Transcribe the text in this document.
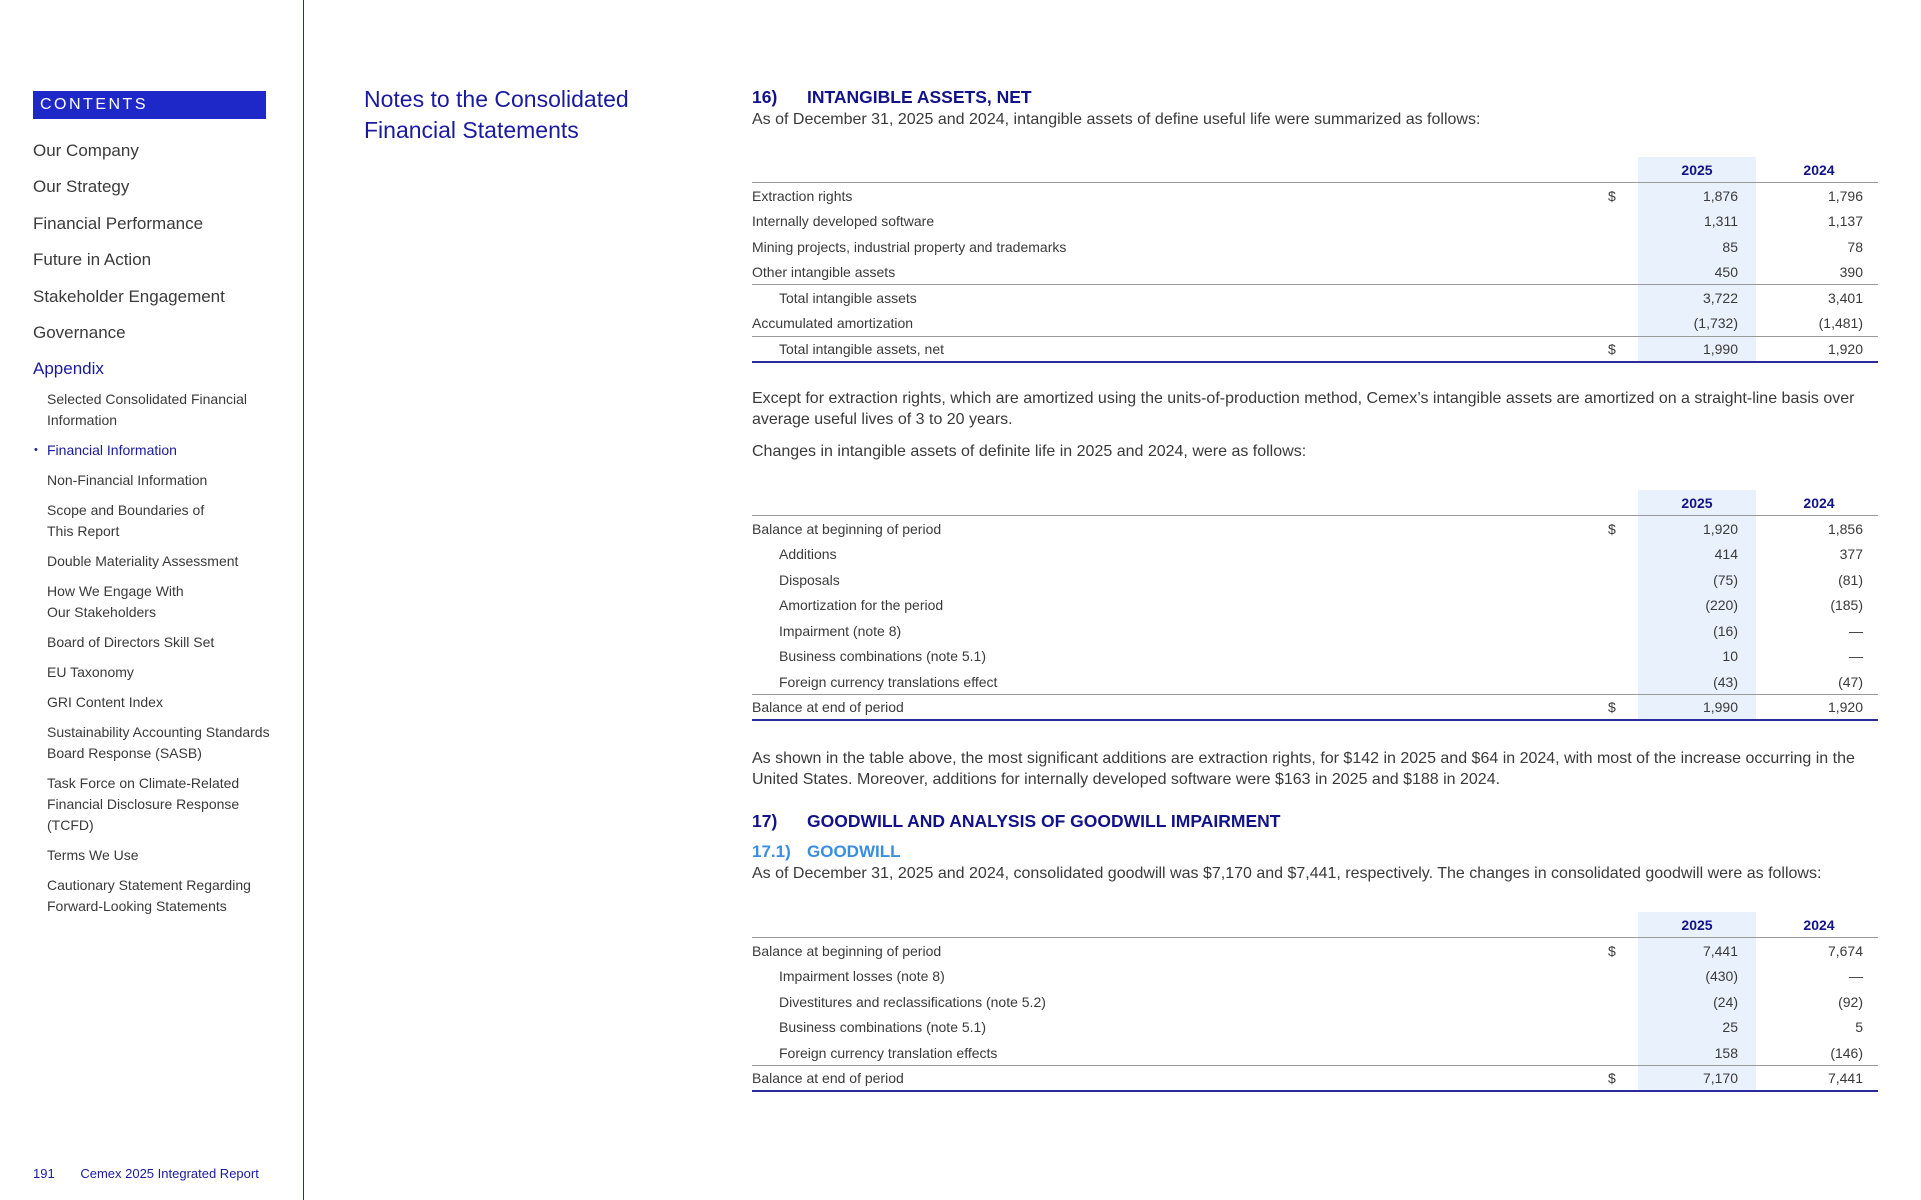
CONTENTS
Our Company
Our Strategy
Financial Performance
Future in Action
Stakeholder Engagement
Governance
Appendix
Selected Consolidated Financial Information
• Financial Information
Non-Financial Information
Scope and Boundaries of This Report
Double Materiality Assessment
How We Engage With Our Stakeholders
Board of Directors Skill Set
EU Taxonomy
GRI Content Index
Sustainability Accounting Standards Board Response (SASB)
Task Force on Climate-Related Financial Disclosure Response (TCFD)
Terms We Use
Cautionary Statement Regarding Forward-Looking Statements
191 Cemex 2025 Integrated Report
Notes to the Consolidated Financial Statements
16) INTANGIBLE ASSETS, NET
As of December 31, 2025 and 2024, intangible assets of define useful life were summarized as follows:
		2025		2024
Extraction rights	$	1,876		1,796
Internally developed software		1,311		1,137
Mining projects, industrial property and trademarks		85		78
Other intangible assets		450		390
Total intangible assets		3,722		3,401
Accumulated amortization		(1,732)		(1,481)
Total intangible assets, net	$	1,990		1,920
Except for extraction rights, which are amortized using the units-of-production method, Cemex’s intangible assets are amortized on a straight-line basis over average useful lives of 3 to 20 years.
Changes in intangible assets of definite life in 2025 and 2024, were as follows:
		2025		2024
Balance at beginning of period	$	1,920		1,856
Additions		414		377
Disposals		(75)		(81)
Amortization for the period		(220)		(185)
Impairment (note 8)		(16)		—
Business combinations (note 5.1)		10		—
Foreign currency translations effect		(43)		(47)
Balance at end of period	$	1,990		1,920
As shown in the table above, the most significant additions are extraction rights, for $142 in 2025 and $64 in 2024, with most of the increase occurring in the United States. Moreover, additions for internally developed software were $163 in 2025 and $188 in 2024.
17) GOODWILL AND ANALYSIS OF GOODWILL IMPAIRMENT
17.1) GOODWILL
As of December 31, 2025 and 2024, consolidated goodwill was $7,170 and $7,441, respectively. The changes in consolidated goodwill were as follows:
		2025		2024
Balance at beginning of period	$	7,441		7,674
Impairment losses (note 8)		(430)		—
Divestitures and reclassifications (note 5.2)		(24)		(92)
Business combinations (note 5.1)		25		5
Foreign currency translation effects		158		(146)
Balance at end of period	$	7,170		7,441
